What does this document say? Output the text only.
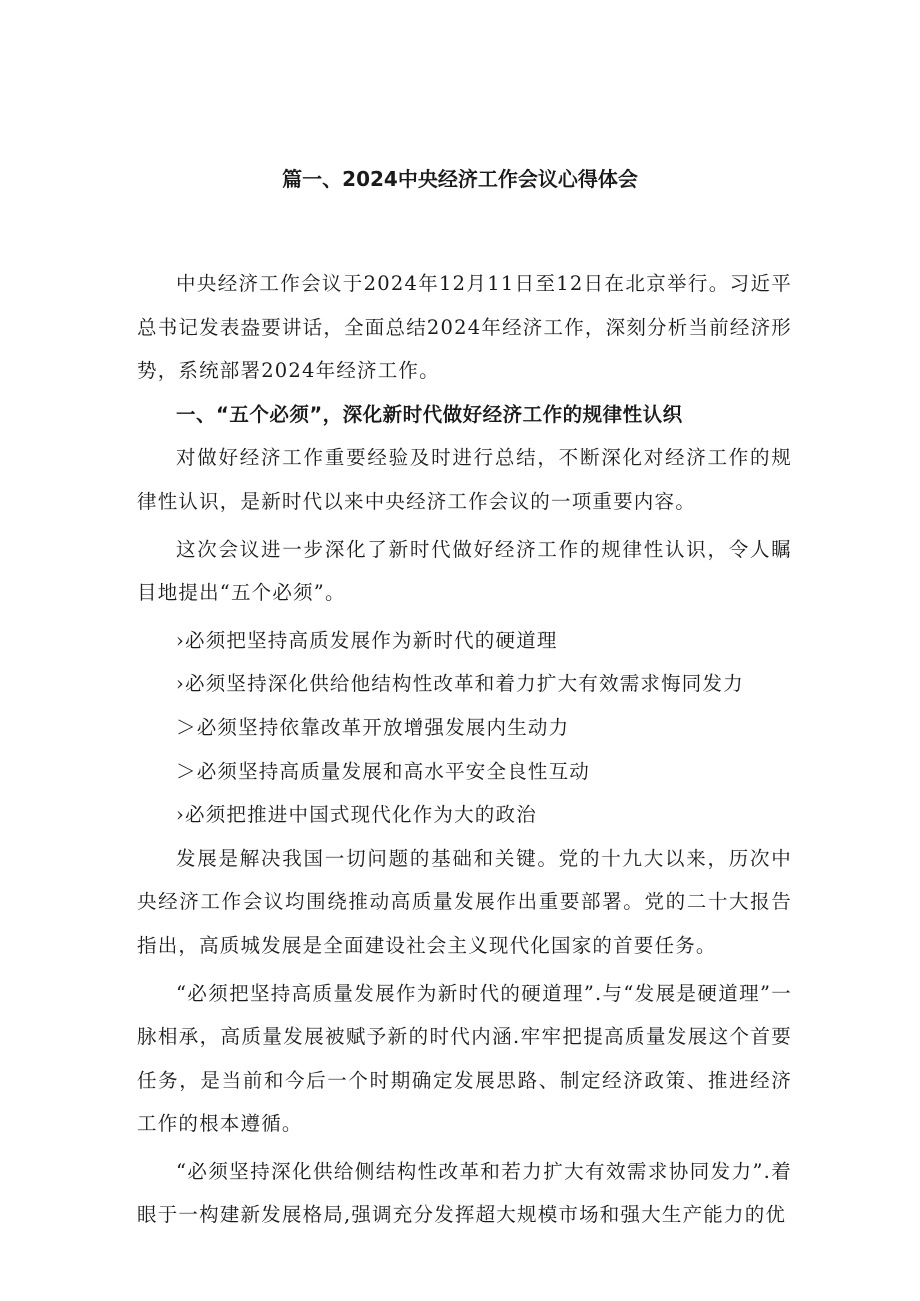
篇一、2024中央经济工作会议心得体会

中央经济工作会议于2024年12月11日至12日在北京举行。习近平总书记发表盎要讲话，全面总结2024年经济工作，深刻分析当前经济形势，系统部署2024年经济工作。

一、“五个必须”，深化新时代做好经济工作的规律性认织

对做好经济工作重要经验及时进行总结，不断深化对经济工作的规律性认识，是新时代以来中央经济工作会议的一项重要内容。

这次会议进一步深化了新时代做好经济工作的规律性认识，令人瞩目地提出“五个必须”。

›必须把坚持高质发展作为新时代的硬道理

›必须坚持深化供给他结构性改革和着力扩大有效需求悔同发力

＞必须坚持依靠改革开放增强发展内生动力

＞必须坚持高质量发展和高水平安全良性互动

›必须把推进中国式现代化作为大的政治

发展是解决我国一切问题的基础和关键。党的十九大以来，历次中央经济工作会议均围绕推动高质量发展作出重要部署。党的二十大报告指出，高质城发展是全面建设社会主义现代化国家的首要任务。

“必须把坚持高质量发展作为新时代的硬道理”.与“发展是硬道理”一脉相承，高质量发展被赋予新的时代内涵.牢牢把提高质量发展这个首要任务，是当前和今后一个时期确定发展思路、制定经济政策、推进经济工作的根本遵循。

“必须坚持深化供给侧结构性改革和若力扩大有效需求协同发力”.着眼于一构建新发展格局,强调充分发挥超大规模市场和强大生产能力的优
